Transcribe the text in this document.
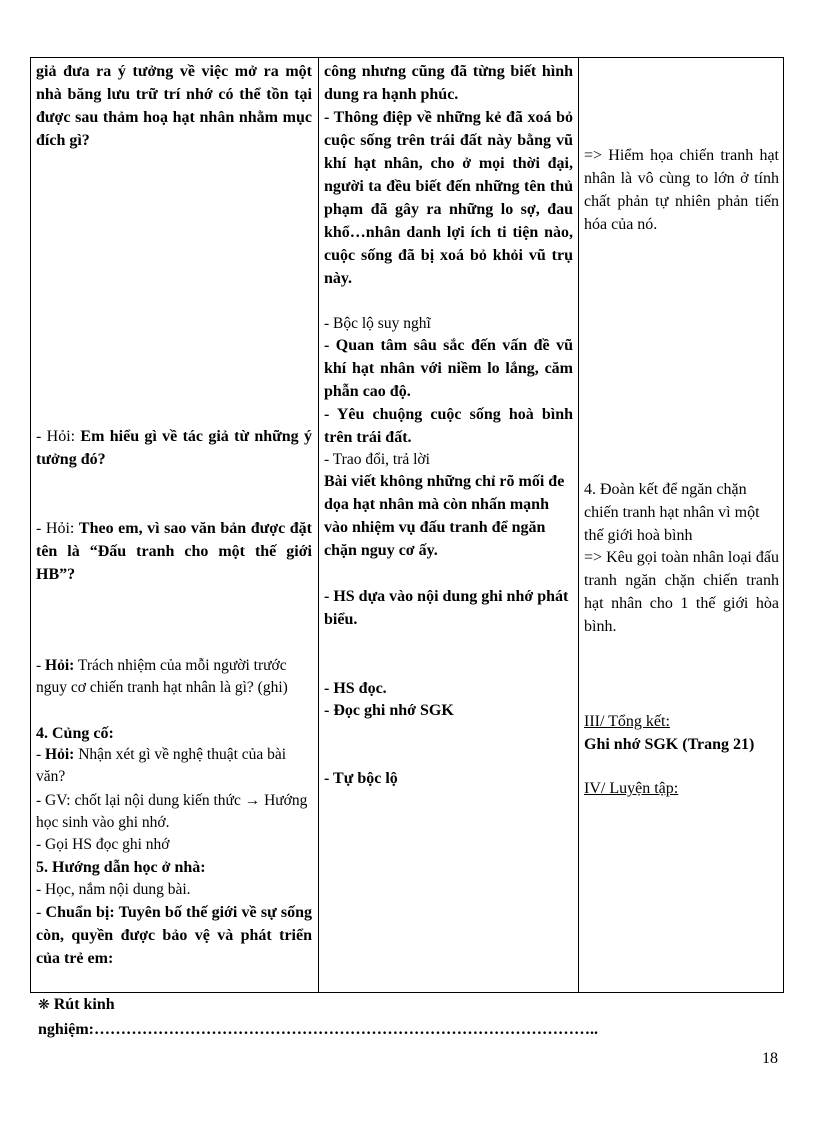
giả đưa ra ý tưởng về việc mở ra một nhà băng lưu trữ trí nhớ có thể tồn tại được sau thảm hoạ hạt nhân nhằm mục đích gì?

- Hỏi: Em hiểu gì về tác giả từ những ý tưởng đó?

- Hỏi: Theo em, vì sao văn bản được đặt tên là “Đấu tranh cho một thế giới HB”?

- Hỏi: Trách nhiệm của mỗi người trước nguy cơ chiến tranh hạt nhân là gì? (ghi)

4. Củng cố:

- Hỏi: Nhận xét gì về nghệ thuật của bài văn?

- GV: chốt lại nội dung kiến thức → Hướng học sinh vào ghi nhớ.

- Gọi HS đọc ghi nhớ

5. Hướng dẫn học ở nhà:

- Học, nắm nội dung bài.

- Chuẩn bị: Tuyên bố thế giới về sự sống còn, quyền được bảo vệ và phát triển của trẻ em:

công nhưng cũng đã từng biết hình dung ra hạnh phúc.

- Thông điệp về những kẻ đã xoá bỏ cuộc sống trên trái đất này bằng vũ khí hạt nhân, cho ở mọi thời đại, người ta đều biết đến những tên thủ phạm đã gây ra những lo sợ, đau khổ…nhân danh lợi ích ti tiện nào, cuộc sống đã bị xoá bỏ khỏi vũ trụ này.

- Bộc lộ suy nghĩ

- Quan tâm sâu sắc đến vấn đề vũ khí hạt nhân với niềm lo lắng, căm phẫn cao độ.

- Yêu chuộng cuộc sống hoà bình trên trái đất.

- Trao đổi, trả lời

Bài viết không những chỉ rõ mối đe dọa hạt nhân mà còn nhấn mạnh vào nhiệm vụ đấu tranh để ngăn chặn nguy cơ ấy.

- HS dựa vào nội dung ghi nhớ phát biểu.

- HS đọc.

- Đọc ghi nhớ SGK

- Tự bộc lộ

=> Hiểm họa chiến tranh hạt nhân là vô cùng to lớn ở tính chất phản tự nhiên phản tiến hóa của nó.

4. Đoàn kết để ngăn chặn chiến tranh hạt nhân vì một thế giới hoà bình

=> Kêu gọi toàn nhân loại đấu tranh ngăn chặn chiến tranh hạt nhân cho 1 thế giới hòa bình.

III/ Tổng kết:

Ghi nhớ SGK (Trang 21)

IV/ Luyện tập:

❋ Rút kinh
nghiệm:…………………………………………………………………………………..
18
